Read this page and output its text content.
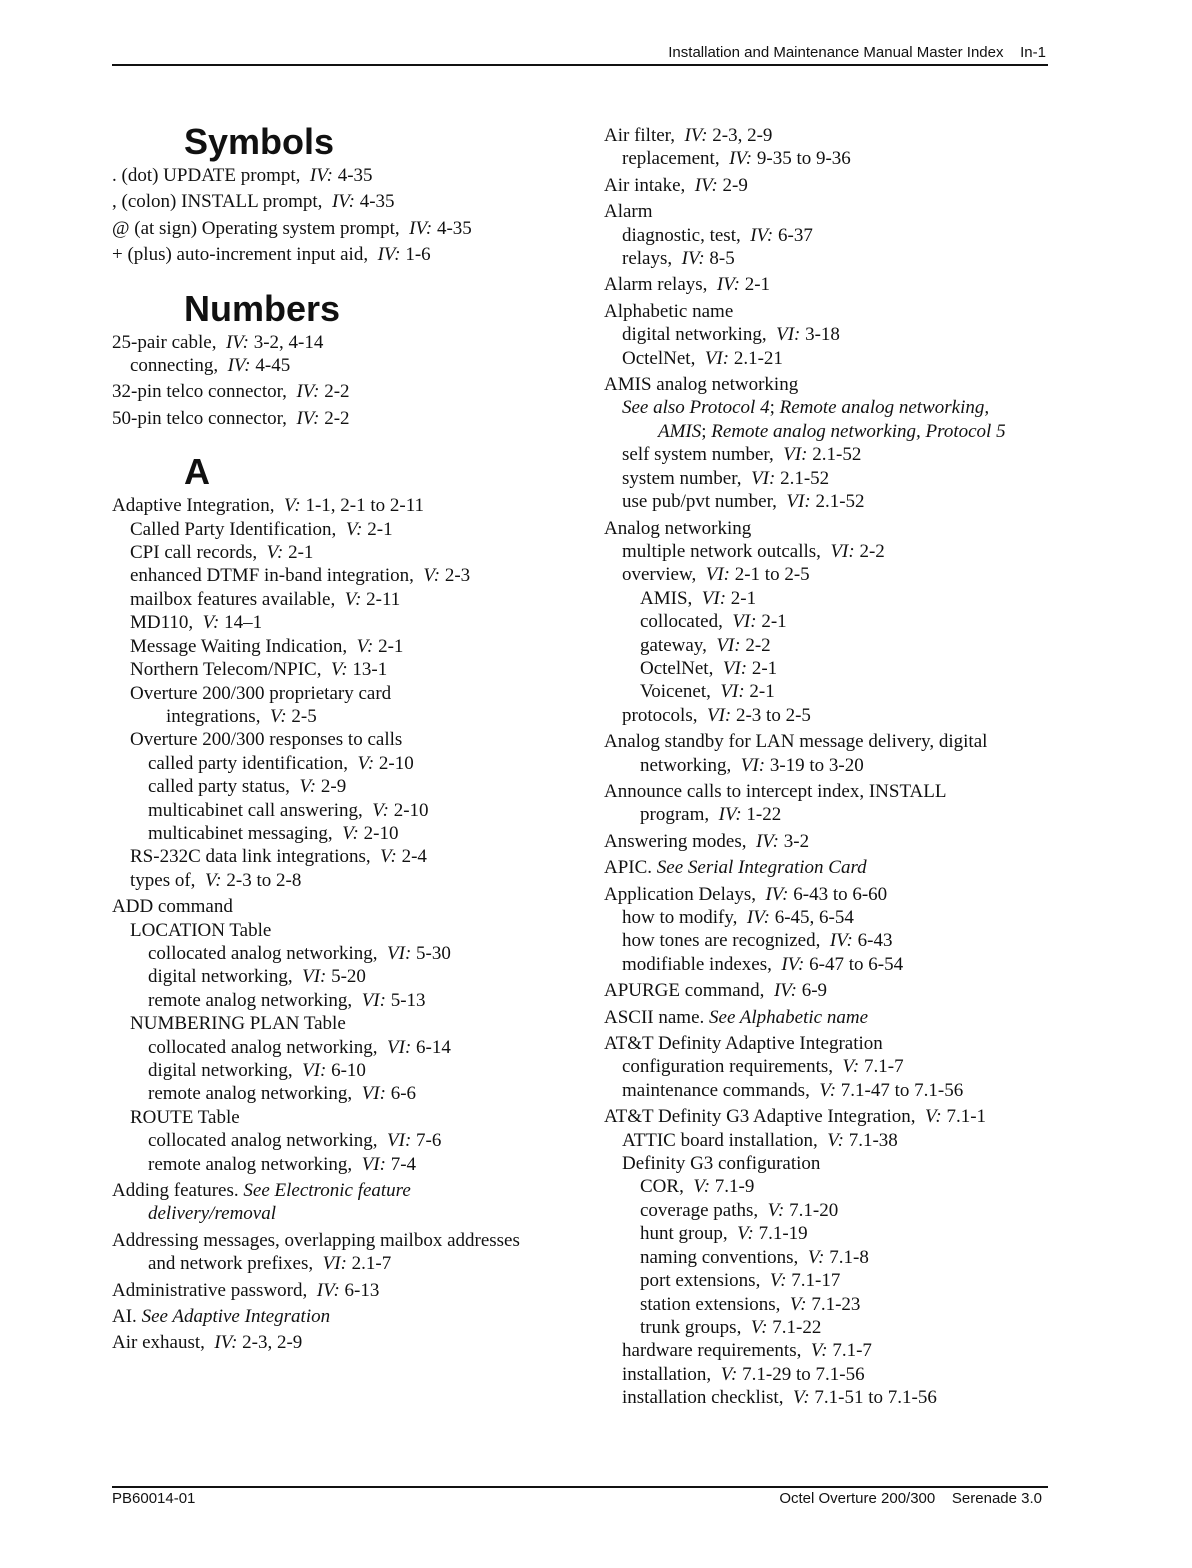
Installation and Maintenance Manual Master Index In-1
Symbols
. (dot) UPDATE prompt, IV: 4-35
, (colon) INSTALL prompt, IV: 4-35
@ (at sign) Operating system prompt, IV: 4-35
+ (plus) auto-increment input aid, IV: 1-6
Numbers
25-pair cable, IV: 3-2, 4-14
connecting, IV: 4-45
32-pin telco connector, IV: 2-2
50-pin telco connector, IV: 2-2
A
Adaptive Integration, V: 1-1, 2-1 to 2-11
Called Party Identification, V: 2-1
CPI call records, V: 2-1
enhanced DTMF in-band integration, V: 2-3
mailbox features available, V: 2-11
MD110, V: 14–1
Message Waiting Indication, V: 2-1
Northern Telecom/NPIC, V: 13-1
Overture 200/300 proprietary card
integrations, V: 2-5
Overture 200/300 responses to calls
called party identification, V: 2-10
called party status, V: 2-9
multicabinet call answering, V: 2-10
multicabinet messaging, V: 2-10
RS-232C data link integrations, V: 2-4
types of, V: 2-3 to 2-8
ADD command
LOCATION Table
collocated analog networking, VI: 5-30
digital networking, VI: 5-20
remote analog networking, VI: 5-13
NUMBERING PLAN Table
collocated analog networking, VI: 6-14
digital networking, VI: 6-10
remote analog networking, VI: 6-6
ROUTE Table
collocated analog networking, VI: 7-6
remote analog networking, VI: 7-4
Adding features. See Electronic feature
delivery/removal
Addressing messages, overlapping mailbox addresses
and network prefixes, VI: 2.1-7
Administrative password, IV: 6-13
AI. See Adaptive Integration
Air exhaust, IV: 2-3, 2-9
Air filter, IV: 2-3, 2-9
replacement, IV: 9-35 to 9-36
Air intake, IV: 2-9
Alarm
diagnostic, test, IV: 6-37
relays, IV: 8-5
Alarm relays, IV: 2-1
Alphabetic name
digital networking, VI: 3-18
OctelNet, VI: 2.1-21
AMIS analog networking
See also Protocol 4; Remote analog networking,
AMIS; Remote analog networking, Protocol 5
self system number, VI: 2.1-52
system number, VI: 2.1-52
use pub/pvt number, VI: 2.1-52
Analog networking
multiple network outcalls, VI: 2-2
overview, VI: 2-1 to 2-5
AMIS, VI: 2-1
collocated, VI: 2-1
gateway, VI: 2-2
OctelNet, VI: 2-1
Voicenet, VI: 2-1
protocols, VI: 2-3 to 2-5
Analog standby for LAN message delivery, digital
networking, VI: 3-19 to 3-20
Announce calls to intercept index, INSTALL
program, IV: 1-22
Answering modes, IV: 3-2
APIC. See Serial Integration Card
Application Delays, IV: 6-43 to 6-60
how to modify, IV: 6-45, 6-54
how tones are recognized, IV: 6-43
modifiable indexes, IV: 6-47 to 6-54
APURGE command, IV: 6-9
ASCII name. See Alphabetic name
AT&T Definity Adaptive Integration
configuration requirements, V: 7.1-7
maintenance commands, V: 7.1-47 to 7.1-56
AT&T Definity G3 Adaptive Integration, V: 7.1-1
ATTIC board installation, V: 7.1-38
Definity G3 configuration
COR, V: 7.1-9
coverage paths, V: 7.1-20
hunt group, V: 7.1-19
naming conventions, V: 7.1-8
port extensions, V: 7.1-17
station extensions, V: 7.1-23
trunk groups, V: 7.1-22
hardware requirements, V: 7.1-7
installation, V: 7.1-29 to 7.1-56
installation checklist, V: 7.1-51 to 7.1-56
PB60014-01	Octel Overture 200/300 Serenade 3.0
